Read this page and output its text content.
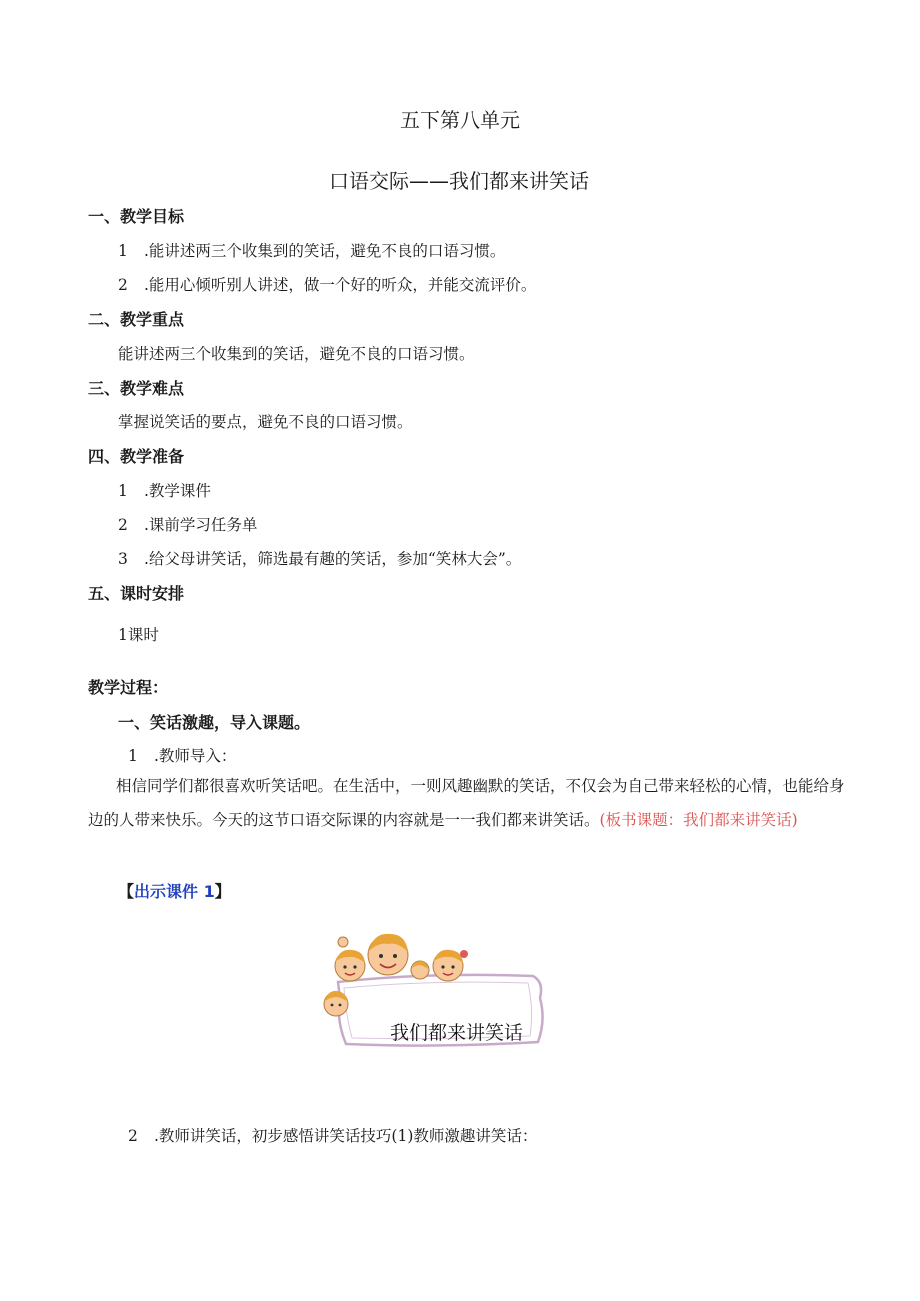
五下第八单元
口语交际——我们都来讲笑话
一、教学目标
1 .能讲述两三个收集到的笑话，避免不良的口语习惯。
2 .能用心倾听别人讲述，做一个好的听众，并能交流评价。
二、教学重点
能讲述两三个收集到的笑话，避免不良的口语习惯。
三、教学难点
掌握说笑话的要点，避免不良的口语习惯。
四、教学准备
1 .教学课件
2 .课前学习任务单
3 .给父母讲笑话，筛选最有趣的笑话，参加“笑林大会”。
五、课时安排
1课时
教学过程：
一、笑话激趣，导入课题。
1 .教师导入：
相信同学们都很喜欢听笑话吧。在生活中，一则风趣幽默的笑话，不仅会为自己带来轻松的心情，也能给身边的人带来快乐。今天的这节口语交际课的内容就是一一我们都来讲笑话。(板书课题：我们都来讲笑话)
【出示课件 1】
我们都来讲笑话
2 .教师讲笑话，初步感悟讲笑话技巧(1)教师激趣讲笑话：
